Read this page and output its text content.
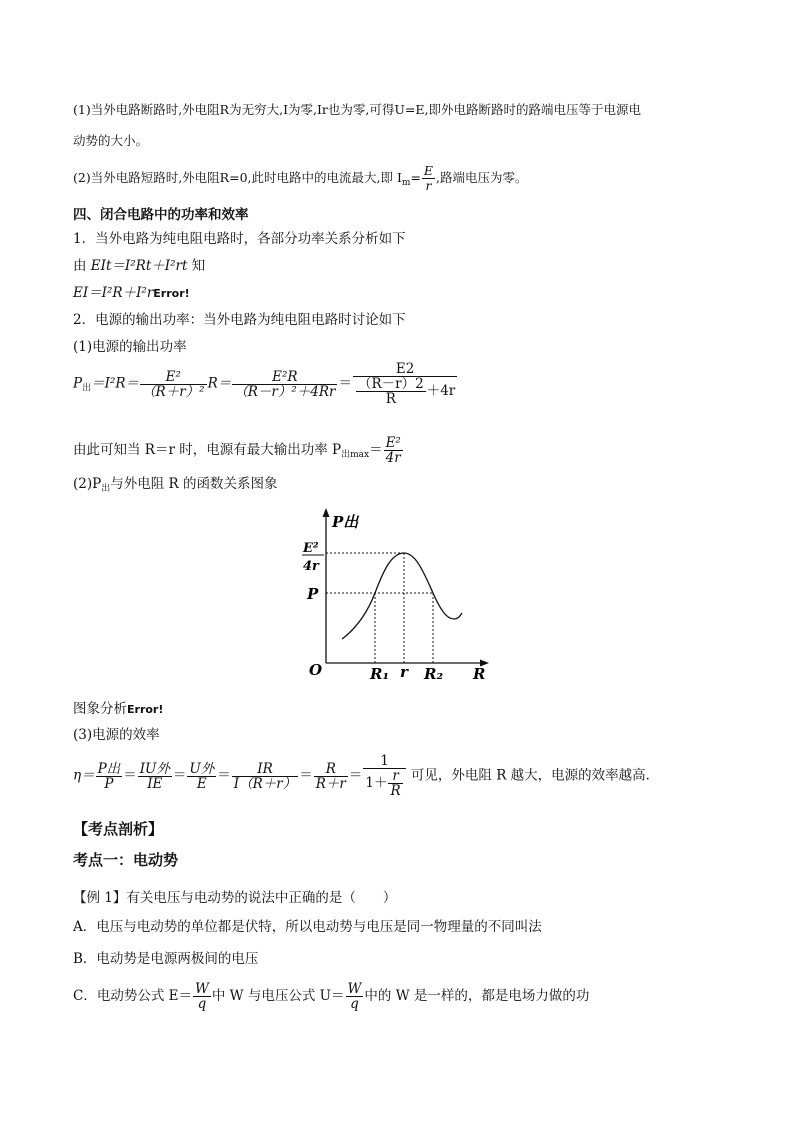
(1)当外电路断路时,外电阻R为无穷大,I为零,Ir也为零,可得U=E,即外电路断路时的路端电压等于电源电
动势的大小。
(2)当外电路短路时,外电阻R=0,此时电路中的电流最大,即 $I_m= \frac{E}{r}$ ,路端电压为零。
四、闭合电路中的功率和效率
1．当外电路为纯电阻电路时，各部分功率关系分析如下
由 EIt＝I²Rt＋I²rt 知
EI＝I²R＋I²rError!
2．电源的输出功率：当外电路为纯电阻电路时讨论如下
(1)电源的输出功率
$P_出=I^2R= \frac{\text{E²}}{\text{（R＋r）²}} R= \frac{\text{E²R}}{\text{（R－r）²＋4Rr}} = \frac{E2}{\frac{(R-r)2}{R} +4r}$
由此可知当 R＝r 时，电源有最大输出功率 $P_{出max}= \frac{\text{E²}}{4r}$
$(2)P_出$与外电阻 R 的函数关系图象
P出
E²
4r
P
O	R₁ r R₂ R
图象分析Error!
(3)电源的效率
$\eta= \frac{\text{P出}}{P} = \frac{\text{IU外}}{IE} = \frac{\text{U外}}{E} = \frac{IR}{I(R+r)} = \frac{R}{R+r} = \frac{1}{1+ \frac{r}{R}}$ 可见，外电阻 R 越大，电源的效率越高．
【考点剖析】
考点一：电动势
【例 1】有关电压与电动势的说法中正确的是（　　）
A．电压与电动势的单位都是伏特，所以电动势与电压是同一物理量的不同叫法
B．电动势是电源两极间的电压
C．电动势公式 $E= \frac{W}{q}$ 中 W 与电压公式 $U= \frac{W}{q}$ 中的 W 是一样的，都是电场力做的功
